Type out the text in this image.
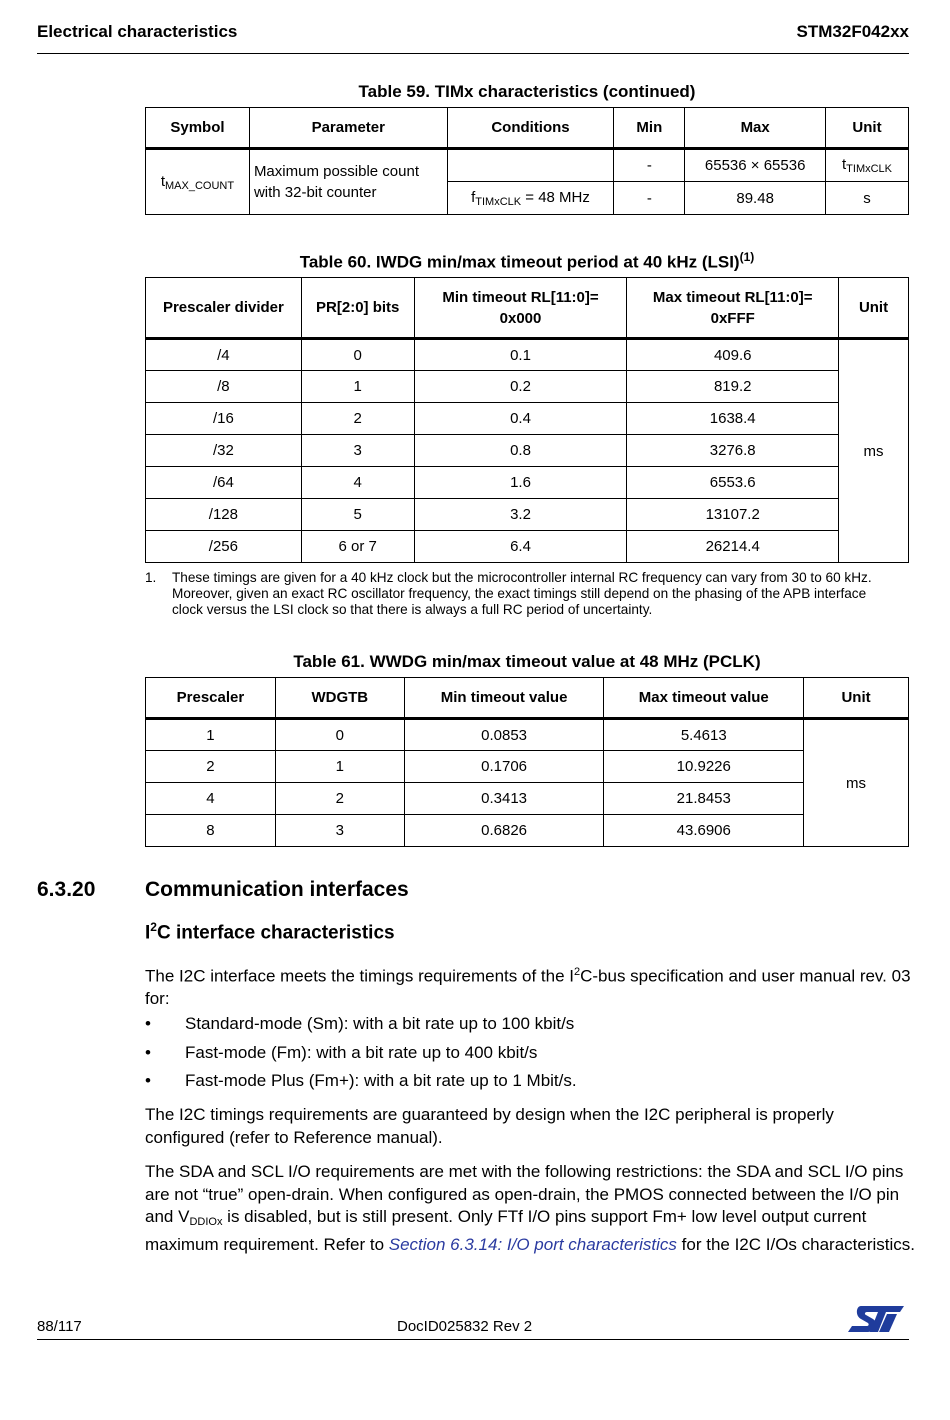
Electrical characteristics	STM32F042xx
Table 59. TIMx characteristics (continued)
Symbol	Parameter	Conditions	Min	Max	Unit
$t_{MAX\_COUNT}$	Maximum possible count with 32-bit counter		-	65536 × 65536	$t_{TIMxCLK}$
		$f_{TIMxCLK} = 48$ MHz	-	89.48	s
Table 60. IWDG min/max timeout period at 40 kHz (LSI)$^{(1)}$
Prescaler divider	PR[2:0] bits	Min timeout RL[11:0]= 0x000	Max timeout RL[11:0]= 0xFFF	Unit
/4	0	0.1	409.6	ms
/8	1	0.2	819.2	
/16	2	0.4	1638.4	
/32	3	0.8	3276.8	
/64	4	1.6	6553.6	
/128	5	3.2	13107.2	
/256	6 or 7	6.4	26214.4	
1. These timings are given for a 40 kHz clock but the microcontroller internal RC frequency can vary from 30 to 60 kHz. Moreover, given an exact RC oscillator frequency, the exact timings still depend on the phasing of the APB interface clock versus the LSI clock so that there is always a full RC period of uncertainty.
Table 61. WWDG min/max timeout value at 48 MHz (PCLK)
Prescaler	WDGTB	Min timeout value	Max timeout value	Unit
1	0	0.0853	5.4613	ms
2	1	0.1706	10.9226	
4	2	0.3413	21.8453	
8	3	0.6826	43.6906	
6.3.20 Communication interfaces
$I^2C$ interface characteristics
The I2C interface meets the timings requirements of the $I^2C$-bus specification and user manual rev. 03 for:
• Standard-mode (Sm): with a bit rate up to 100 kbit/s
• Fast-mode (Fm): with a bit rate up to 400 kbit/s
• Fast-mode Plus (Fm+): with a bit rate up to 1 Mbit/s.
The I2C timings requirements are guaranteed by design when the I2C peripheral is properly configured (refer to Reference manual).
The SDA and SCL I/O requirements are met with the following restrictions: the SDA and SCL I/O pins are not “true” open-drain. When configured as open-drain, the PMOS connected between the I/O pin and $V_{DDIOx}$ is disabled, but is still present. Only FTf I/O pins support Fm+ low level output current maximum requirement. Refer to Section 6.3.14: I/O port characteristics for the I2C I/Os characteristics.
88/117	DocID025832 Rev 2
